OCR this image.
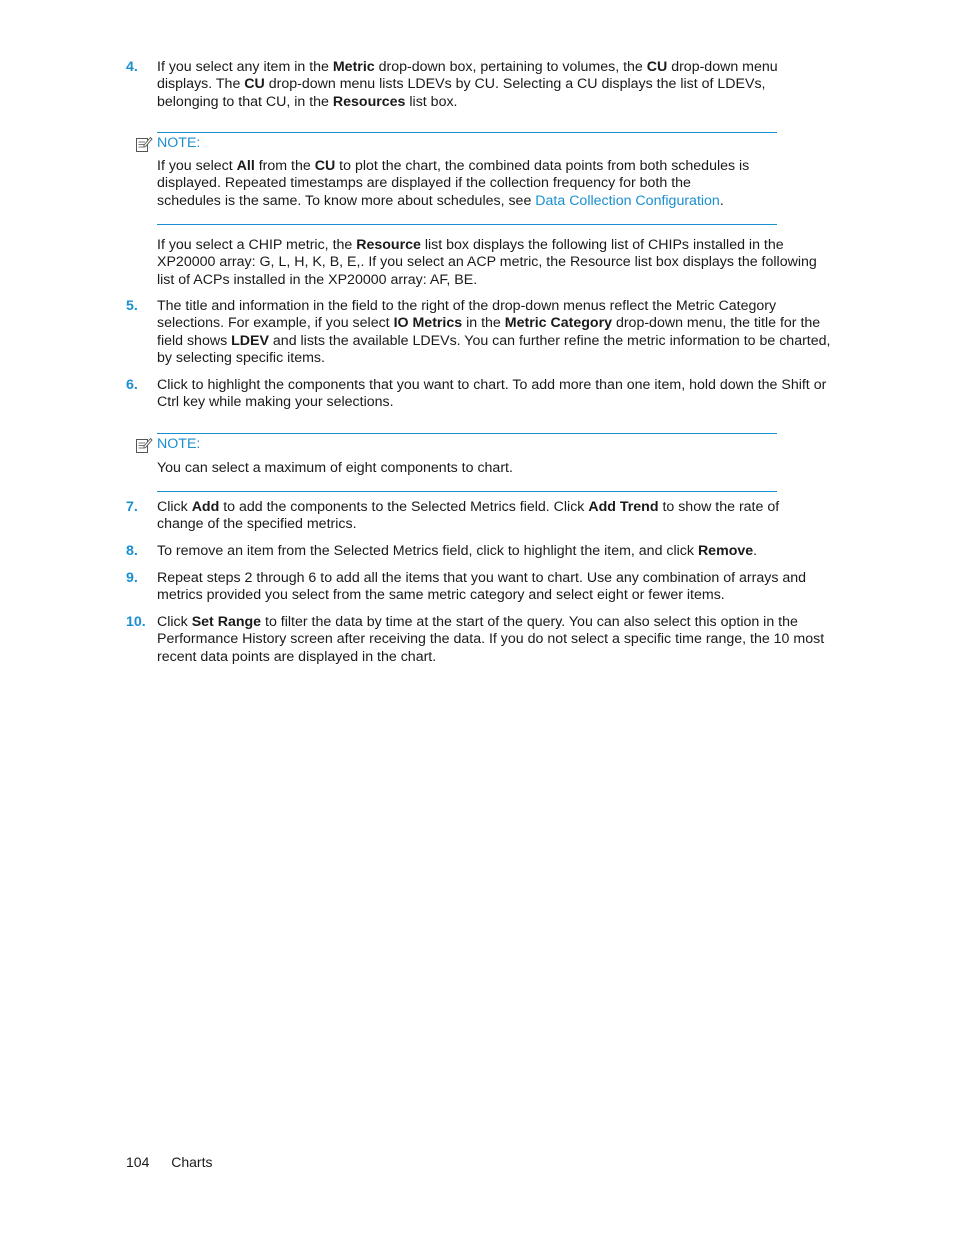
4.	If you select any item in the Metric drop-down box, pertaining to volumes, the CU drop-down menu displays. The CU drop-down menu lists LDEVs by CU. Selecting a CU displays the list of LDEVs, belonging to that CU, in the Resources list box.
NOTE:
If you select All from the CU to plot the chart, the combined data points from both schedules is displayed. Repeated timestamps are displayed if the collection frequency for both the schedules is the same. To know more about schedules, see Data Collection Configuration.
If you select a CHIP metric, the Resource list box displays the following list of CHIPs installed in the XP20000 array: G, L, H, K, B, E,. If you select an ACP metric, the Resource list box displays the following list of ACPs installed in the XP20000 array: AF, BE.
5.	The title and information in the field to the right of the drop-down menus reflect the Metric Category selections. For example, if you select IO Metrics in the Metric Category drop-down menu, the title for the field shows LDEV and lists the available LDEVs. You can further refine the metric information to be charted, by selecting specific items.
6.	Click to highlight the components that you want to chart. To add more than one item, hold down the Shift or Ctrl key while making your selections.
NOTE:
You can select a maximum of eight components to chart.
7.	Click Add to add the components to the Selected Metrics field. Click Add Trend to show the rate of change of the specified metrics.
8.	To remove an item from the Selected Metrics field, click to highlight the item, and click Remove.
9.	Repeat steps 2 through 6 to add all the items that you want to chart. Use any combination of arrays and metrics provided you select from the same metric category and select eight or fewer items.
10. Click Set Range to filter the data by time at the start of the query. You can also select this option in the Performance History screen after receiving the data. If you do not select a specific time range, the 10 most recent data points are displayed in the chart.
104 Charts
